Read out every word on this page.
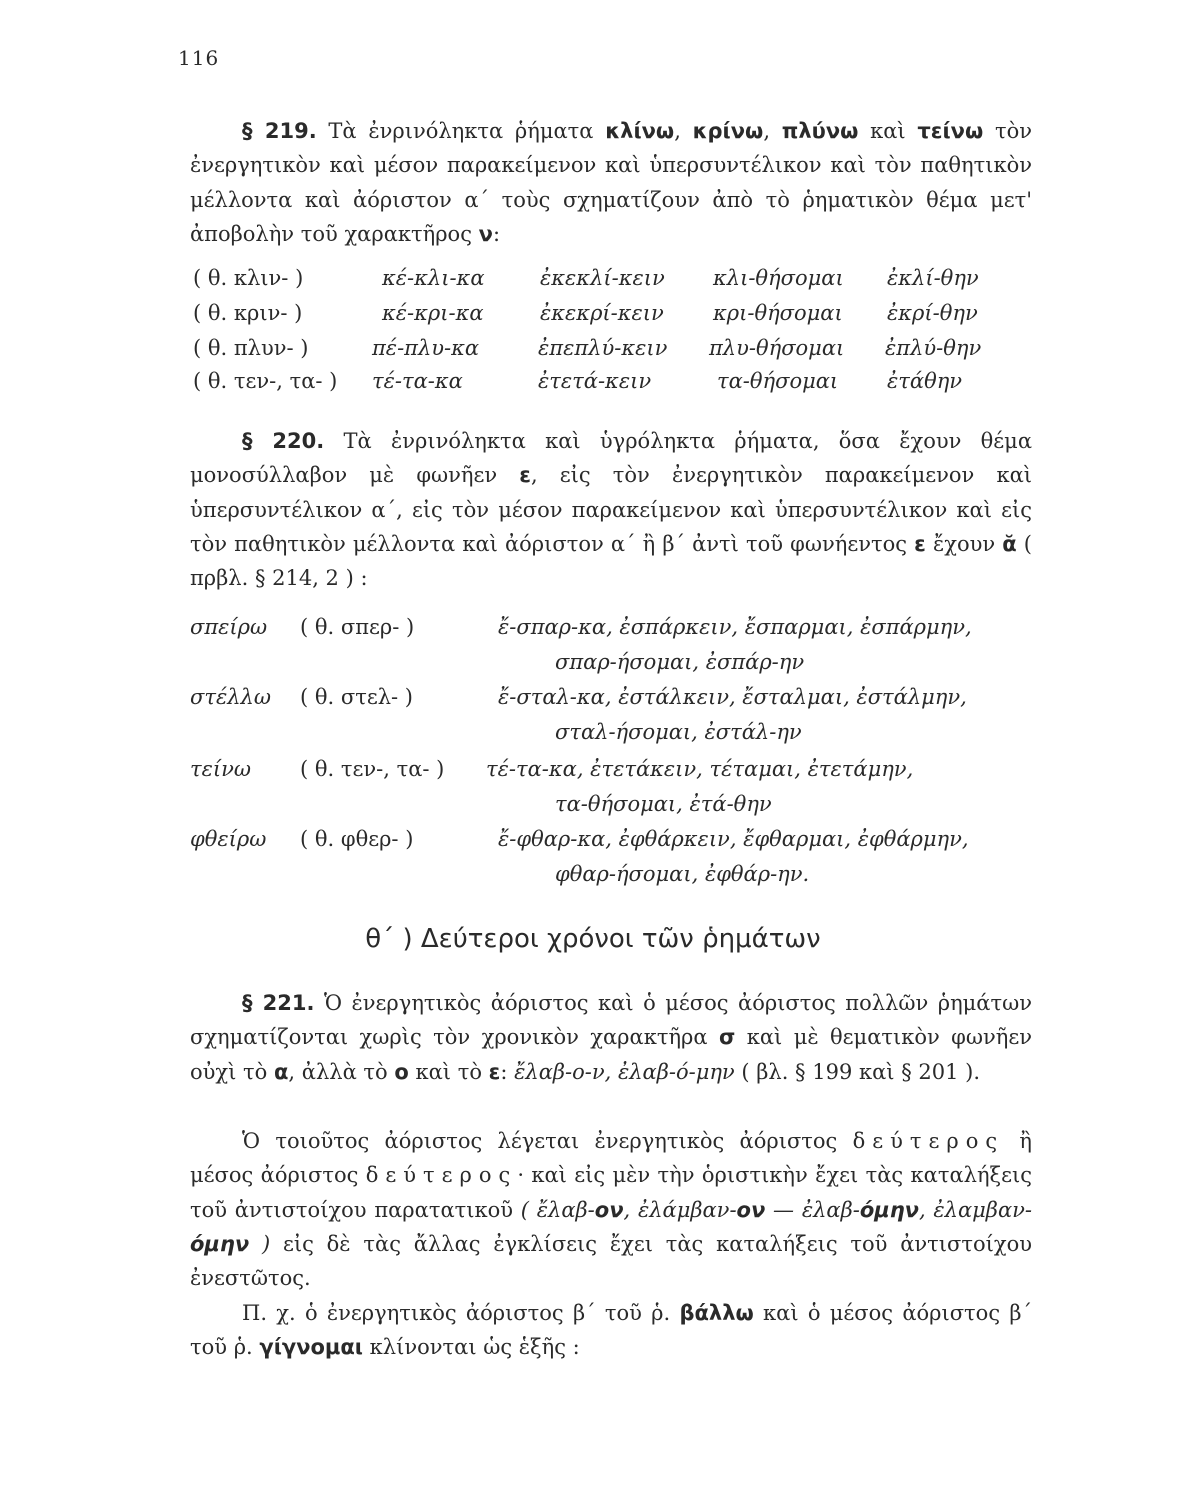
116
§ 219. Τὰ ἐνρινόληκτα ῥήματα κλίνω, κρίνω, πλύνω καὶ τείνω τὸν ἐνεργητικὸν καὶ μέσον παρακείμενον καὶ ὑπερσυντέλικον καὶ τὸν παθητικὸν μέλλοντα καὶ ἀόριστον α΄ τοὺς σχηματίζουν ἀπὸ τὸ ῥηματικὸν θέμα μετ' ἀποβολὴν τοῦ χαρακτῆρος ν:
( θ. κλιν- )	κέ-κλι-κα	ἐκεκλί-κειν κλι-θήσομαι ἐκλί-θην
( θ. κριν- )	κέ-κρι-κα	ἐκεκρί-κειν κρι-θήσομαι ἐκρί-θην
( θ. πλυν- )	πέ-πλυ-κα	ἐπεπλύ-κειν πλυ-θήσομαι ἐπλύ-θην
( θ. τεν-, τα- ) τέ-τα-κα	ἐτετά-κειν	τα-θήσομαι ἐτάθην
§ 220. Τὰ ἐνρινόληκτα καὶ ὑγρόληκτα ῥήματα, ὅσα ἔχουν θέμα μονοσύλλαβον μὲ φωνῆεν ε, εἰς τὸν ἐνεργητικὸν παρακείμενον καὶ ὑπερσυντέλικον α΄, εἰς τὸν μέσον παρακείμενον καὶ ὑπερσυντέλικον καὶ εἰς τὸν παθητικὸν μέλλοντα καὶ ἀόριστον α΄ ἢ β΄ ἀντὶ τοῦ φωνήεντος ε ἔχουν ᾰ ( πρβλ. § 214, 2 ) :
σπείρω ( θ. σπερ- )	ἔ-σπαρ-κα, ἐσπάρκειν, ἔσπαρμαι, ἐσπάρμην,
σπαρ-ήσομαι, ἐσπάρ-ην
στέλλω ( θ. στελ- )	ἔ-σταλ-κα, ἐστάλκειν, ἔσταλμαι, ἐστάλμην,
σταλ-ήσομαι, ἐστάλ-ην
τείνω ( θ. τεν-, τα- ) τέ-τα-κα, ἐτετάκειν, τέταμαι, ἐτετάμην,
τα-θήσομαι, ἐτά-θην
φθείρω ( θ. φθερ- )	ἔ-φθαρ-κα, ἐφθάρκειν, ἔφθαρμαι, ἐφθάρμην,
φθαρ-ήσομαι, ἐφθάρ-ην.
θ΄ ) Δεύτεροι χρόνοι τῶν ῥημάτων
§ 221. Ὁ ἐνεργητικὸς ἀόριστος καὶ ὁ μέσος ἀόριστος πολλῶν ῥημάτων σχηματίζονται χωρὶς τὸν χρονικὸν χαρακτῆρα σ καὶ μὲ θεματικὸν φωνῆεν οὐχὶ τὸ α, ἀλλὰ τὸ ο καὶ τὸ ε: ἔλαβ-ο-ν, ἐλαβ-ό-μην ( βλ. § 199 καὶ § 201 ).
Ὁ τοιοῦτος ἀόριστος λέγεται ἐνεργητικὸς ἀόριστος δεύτερος ἢ μέσος ἀόριστος δεύτερος· καὶ εἰς μὲν τὴν ὁριστικὴν ἔχει τὰς καταλήξεις τοῦ ἀντιστοίχου παρατατικοῦ ( ἔλαβ-ον, ἐλάμβαν-ον — ἐλαβ-όμην, ἐλαμβαν-όμην ) εἰς δὲ τὰς ἄλλας ἐγκλίσεις ἔχει τὰς καταλήξεις τοῦ ἀντιστοίχου ἐνεστῶτος.
Π. χ. ὁ ἐνεργητικὸς ἀόριστος β΄ τοῦ ῥ. βάλλω καὶ ὁ μέσος ἀόριστος β΄ τοῦ ῥ. γίγνομαι κλίνονται ὡς ἑξῆς :
